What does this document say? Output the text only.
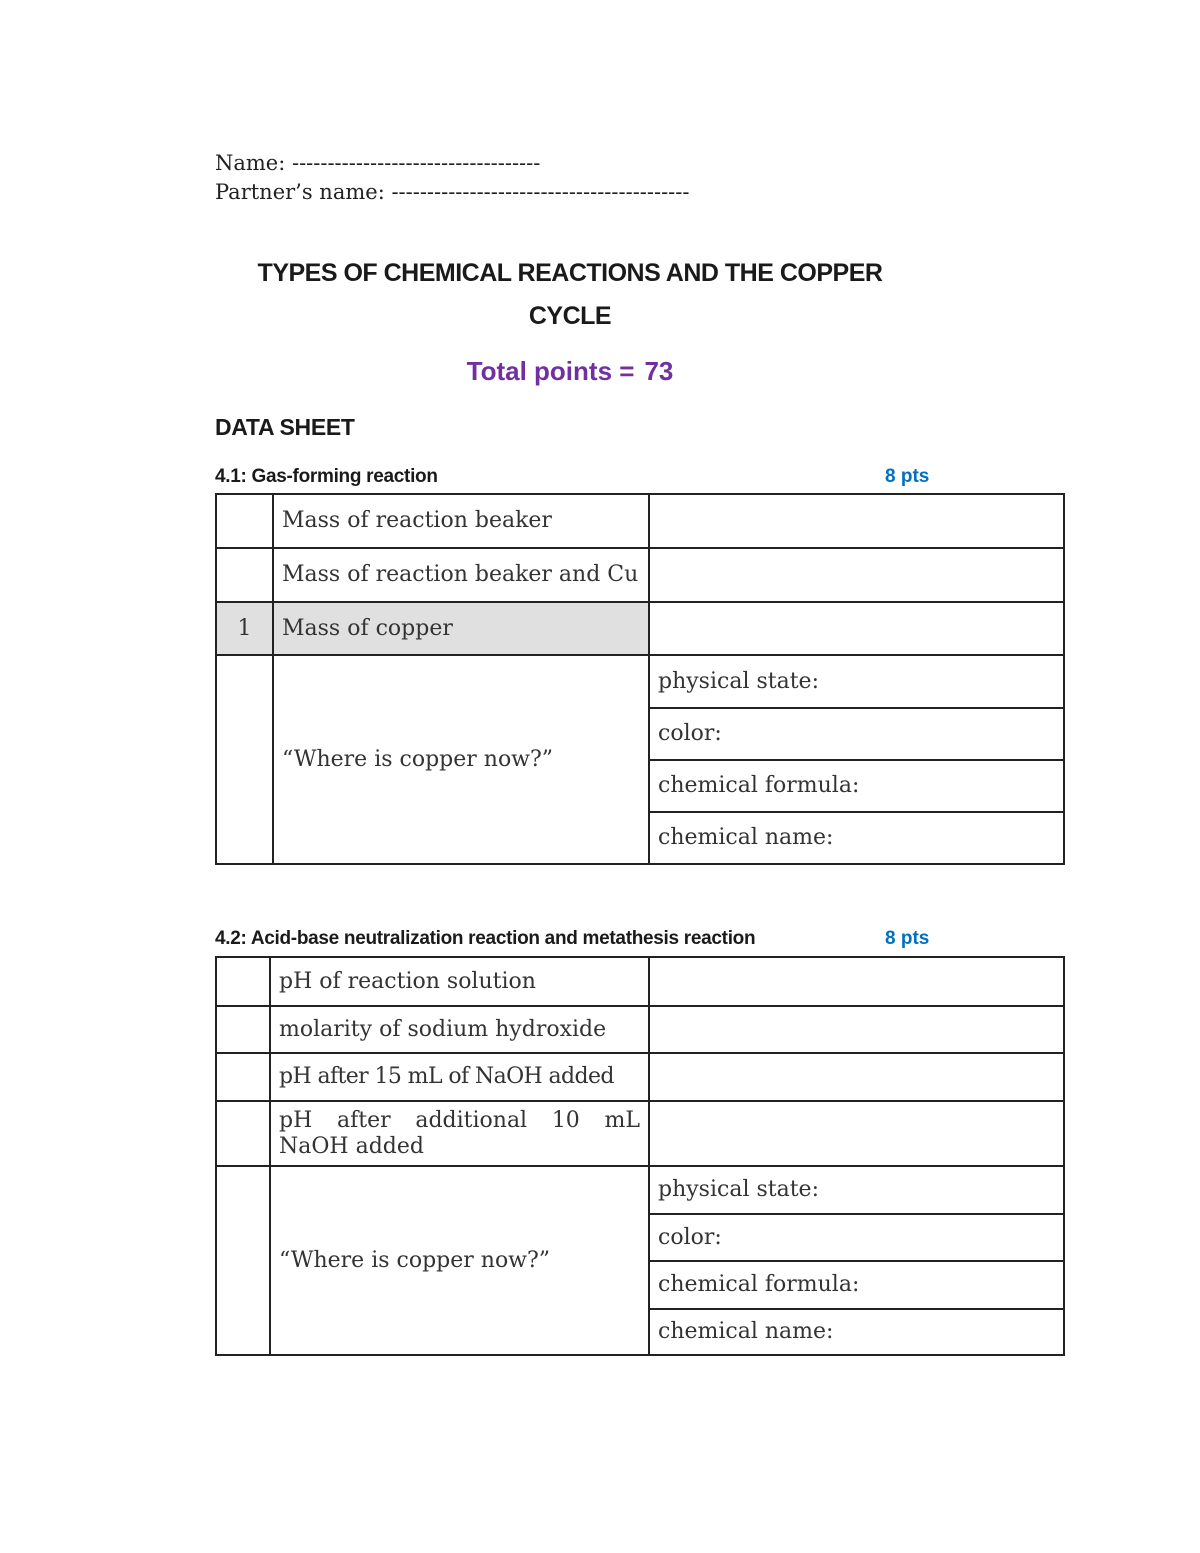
Name: -----------------------------------
Partner’s name: ------------------------------------------
TYPES OF CHEMICAL REACTIONS AND THE COPPER
CYCLE
Total points = 73
DATA SHEET
4.1: Gas-forming reaction	8 pts
	Mass of reaction beaker	
	Mass of reaction beaker and Cu	
1	Mass of copper	
	“Where is copper now?”	physical state:
		color:
		chemical formula:
		chemical name:
4.2: Acid-base neutralization reaction and metathesis reaction	8 pts
	pH of reaction solution	
	molarity of sodium hydroxide	
	pH after 15 mL of NaOH added	
	pH after additional 10 mL NaOH added	
	“Where is copper now?”	physical state:
		color:
		chemical formula:
		chemical name:
